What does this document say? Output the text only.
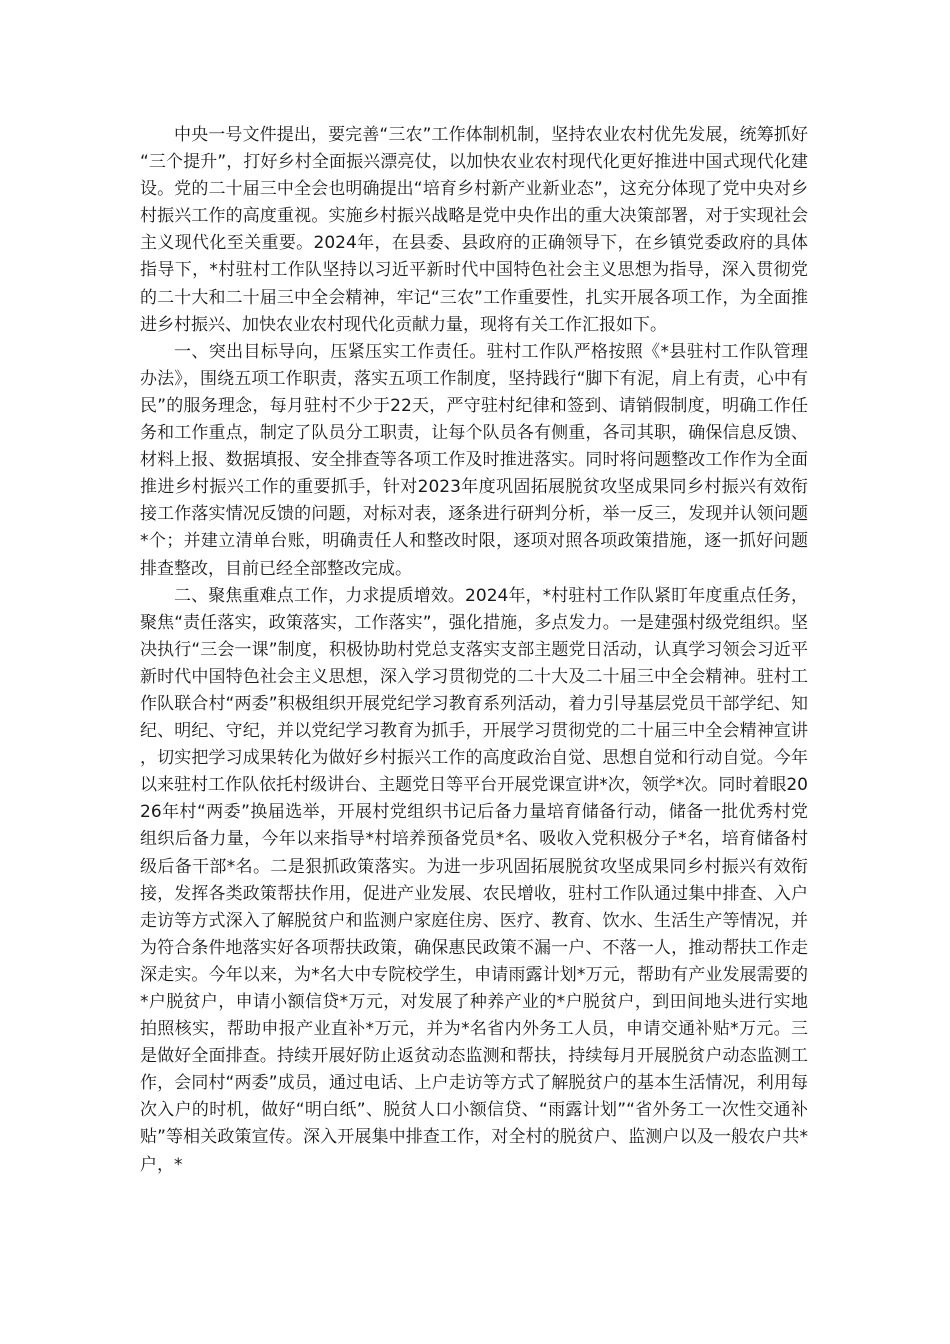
中央一号文件提出，要完善“三农”工作体制机制，坚持农业农村优先发展，统筹抓好“三个提升”，打好乡村全面振兴漂亮仗，以加快农业农村现代化更好推进中国式现代化建设。党的二十届三中全会也明确提出“培育乡村新产业新业态”，这充分体现了党中央对乡村振兴工作的高度重视。实施乡村振兴战略是党中央作出的重大决策部署，对于实现社会主义现代化至关重要。2024年，在县委、县政府的正确领导下，在乡镇党委政府的具体指导下，*村驻村工作队坚持以习近平新时代中国特色社会主义思想为指导，深入贯彻党的二十大和二十届三中全会精神，牢记“三农”工作重要性，扎实开展各项工作，为全面推进乡村振兴、加快农业农村现代化贡献力量，现将有关工作汇报如下。

一、突出目标导向，压紧压实工作责任。驻村工作队严格按照《*县驻村工作队管理办法》，围绕五项工作职责，落实五项工作制度，坚持践行“脚下有泥，肩上有责，心中有民”的服务理念，每月驻村不少于22天，严守驻村纪律和签到、请销假制度，明确工作任务和工作重点，制定了队员分工职责，让每个队员各有侧重，各司其职，确保信息反馈、材料上报、数据填报、安全排查等各项工作及时推进落实。同时将问题整改工作作为全面推进乡村振兴工作的重要抓手，针对2023年度巩固拓展脱贫攻坚成果同乡村振兴有效衔接工作落实情况反馈的问题，对标对表，逐条进行研判分析，举一反三，发现并认领问题*个；并建立清单台账，明确责任人和整改时限，逐项对照各项政策措施，逐一抓好问题排查整改，目前已经全部整改完成。

二、聚焦重难点工作，力求提质增效。2024年，*村驻村工作队紧盯年度重点任务，聚焦“责任落实，政策落实，工作落实”，强化措施，多点发力。一是建强村级党组织。坚决执行“三会一课”制度，积极协助村党总支落实支部主题党日活动，认真学习领会习近平新时代中国特色社会主义思想，深入学习贯彻党的二十大及二十届三中全会精神。驻村工作队联合村“两委”积极组织开展党纪学习教育系列活动，着力引导基层党员干部学纪、知纪、明纪、守纪，并以党纪学习教育为抓手，开展学习贯彻党的二十届三中全会精神宣讲，切实把学习成果转化为做好乡村振兴工作的高度政治自觉、思想自觉和行动自觉。今年以来驻村工作队依托村级讲台、主题党日等平台开展党课宣讲*次，领学*次。同时着眼2026年村“两委”换届选举，开展村党组织书记后备力量培育储备行动，储备一批优秀村党组织后备力量，今年以来指导*村培养预备党员*名、吸收入党积极分子*名，培育储备村级后备干部*名。二是狠抓政策落实。为进一步巩固拓展脱贫攻坚成果同乡村振兴有效衔接，发挥各类政策帮扶作用，促进产业发展、农民增收，驻村工作队通过集中排查、入户走访等方式深入了解脱贫户和监测户家庭住房、医疗、教育、饮水、生活生产等情况，并为符合条件地落实好各项帮扶政策，确保惠民政策不漏一户、不落一人，推动帮扶工作走深走实。今年以来，为*名大中专院校学生，申请雨露计划*万元，帮助有产业发展需要的*户脱贫户，申请小额信贷*万元，对发展了种养产业的*户脱贫户，到田间地头进行实地拍照核实，帮助申报产业直补*万元，并为*名省内外务工人员，申请交通补贴*万元。三是做好全面排查。持续开展好防止返贫动态监测和帮扶，持续每月开展脱贫户动态监测工作，会同村“两委”成员，通过电话、上户走访等方式了解脱贫户的基本生活情况，利用每次入户的时机，做好“明白纸”、脱贫人口小额信贷、“雨露计划”“省外务工一次性交通补贴”等相关政策宣传。深入开展集中排查工作，对全村的脱贫户、监测户以及一般农户共*户，*
